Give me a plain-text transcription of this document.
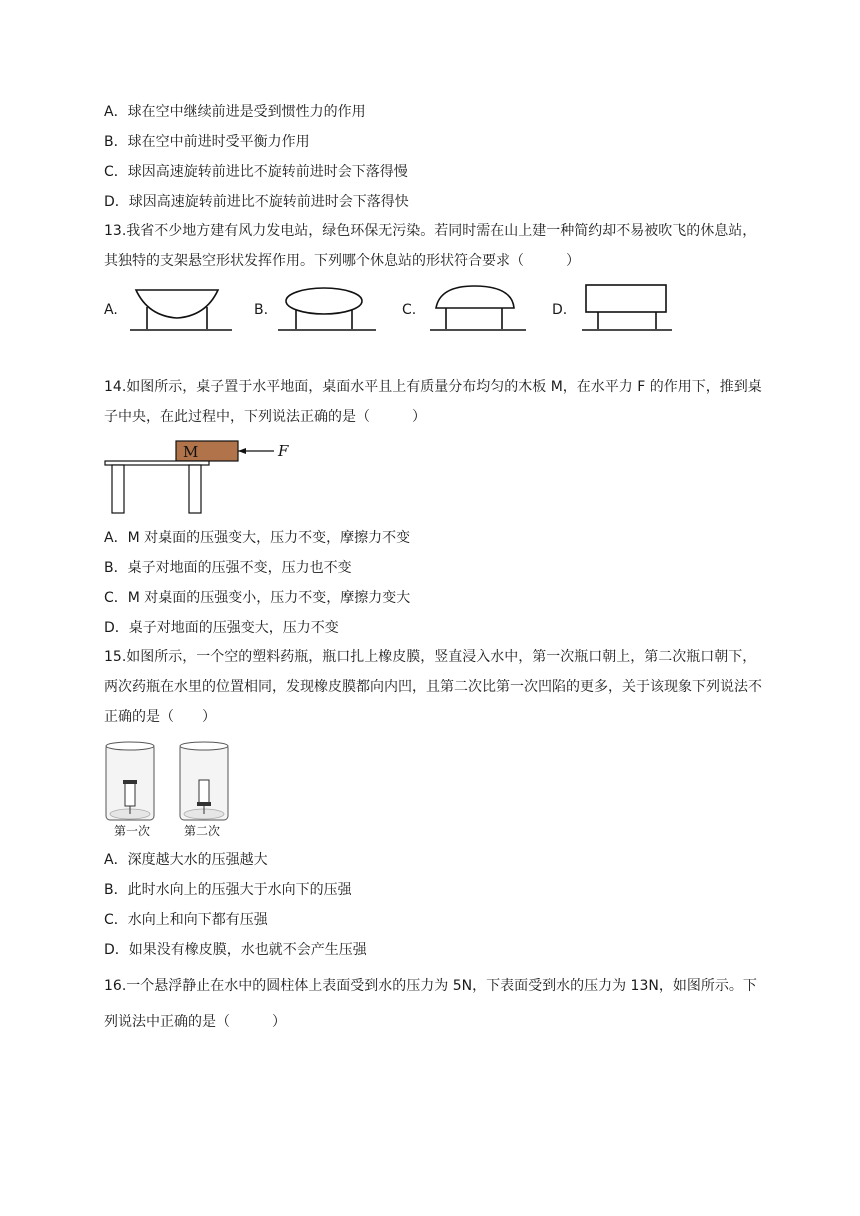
A．球在空中继续前进是受到惯性力的作用
B．球在空中前进时受平衡力作用
C．球因高速旋转前进比不旋转前进时会下落得慢
D．球因高速旋转前进比不旋转前进时会下落得快
13.我省不少地方建有风力发电站，绿色环保无污染。若同时需在山上建一种简约却不易被吹飞的休息站，其独特的支架悬空形状发挥作用。下列哪个休息站的形状符合要求（　　　）
A.	B.	C.	D.
14.如图所示，桌子置于水平地面，桌面水平且上有质量分布均匀的木板 M，在水平力 F 的作用下，推到桌子中央，在此过程中，下列说法正确的是（　　　）
M	F
A．M 对桌面的压强变大，压力不变，摩擦力不变
B．桌子对地面的压强不变，压力也不变
C．M 对桌面的压强变小，压力不变，摩擦力变大
D．桌子对地面的压强变大，压力不变
15.如图所示，一个空的塑料药瓶，瓶口扎上橡皮膜，竖直浸入水中，第一次瓶口朝上，第二次瓶口朝下，两次药瓶在水里的位置相同，发现橡皮膜都向内凹，且第二次比第一次凹陷的更多，关于该现象下列说法不正确的是（　　）
第一次	第二次
A．深度越大水的压强越大
B．此时水向上的压强大于水向下的压强
C．水向上和向下都有压强
D．如果没有橡皮膜，水也就不会产生压强
16.一个悬浮静止在水中的圆柱体上表面受到水的压力为 5N，下表面受到水的压力为 13N，如图所示。下列说法中正确的是（　　　）
